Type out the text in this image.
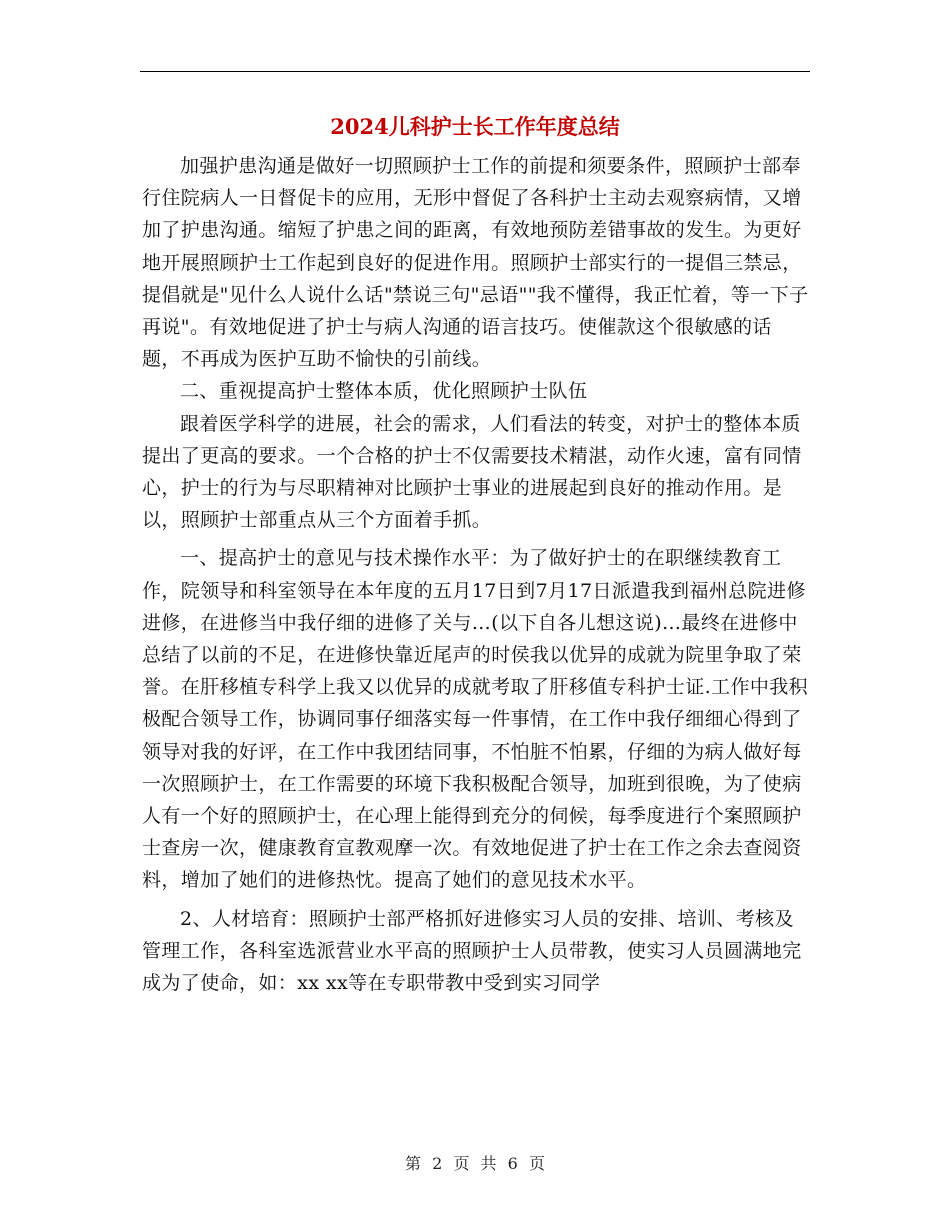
2024儿科护士长工作年度总结

加强护患沟通是做好一切照顾护士工作的前提和须要条件，照顾护士部奉行住院病人一日督促卡的应用，无形中督促了各科护士主动去观察病情，又增加了护患沟通。缩短了护患之间的距离，有效地预防差错事故的发生。为更好地开展照顾护士工作起到良好的促进作用。照顾护士部实行的一提倡三禁忌，提倡就是"见什么人说什么话"禁说三句"忌语""我不懂得，我正忙着，等一下子再说"。有效地促进了护士与病人沟通的语言技巧。使催款这个很敏感的话题，不再成为医护互助不愉快的引前线。

二、重视提高护士整体本质，优化照顾护士队伍

跟着医学科学的进展，社会的需求，人们看法的转变，对护士的整体本质提出了更高的要求。一个合格的护士不仅需要技术精湛，动作火速，富有同情心，护士的行为与尽职精神对比顾护士事业的进展起到良好的推动作用。是以，照顾护士部重点从三个方面着手抓。

一、提高护士的意见与技术操作水平：为了做好护士的在职继续教育工作，院领导和科室领导在本年度的五月17日到7月17日派遣我到福州总院进修进修，在进修当中我仔细的进修了关与…(以下自各儿想这说)…最终在进修中总结了以前的不足，在进修快靠近尾声的时侯我以优异的成就为院里争取了荣誉。在肝移植专科学上我又以优异的成就考取了肝移值专科护士证.工作中我积极配合领导工作，协调同事仔细落实每一件事情，在工作中我仔细细心得到了领导对我的好评，在工作中我团结同事，不怕脏不怕累，仔细的为病人做好每一次照顾护士，在工作需要的环境下我积极配合领导，加班到很晚，为了使病人有一个好的照顾护士，在心理上能得到充分的伺候，每季度进行个案照顾护士查房一次，健康教育宣教观摩一次。有效地促进了护士在工作之余去查阅资料，增加了她们的进修热忱。提高了她们的意见技术水平。

2、人材培育：照顾护士部严格抓好进修实习人员的安排、培训、考核及管理工作，各科室选派营业水平高的照顾护士人员带教，使实习人员圆满地完成为了使命，如：xx xx等在专职带教中受到实习同学

第 2 页 共 6 页
